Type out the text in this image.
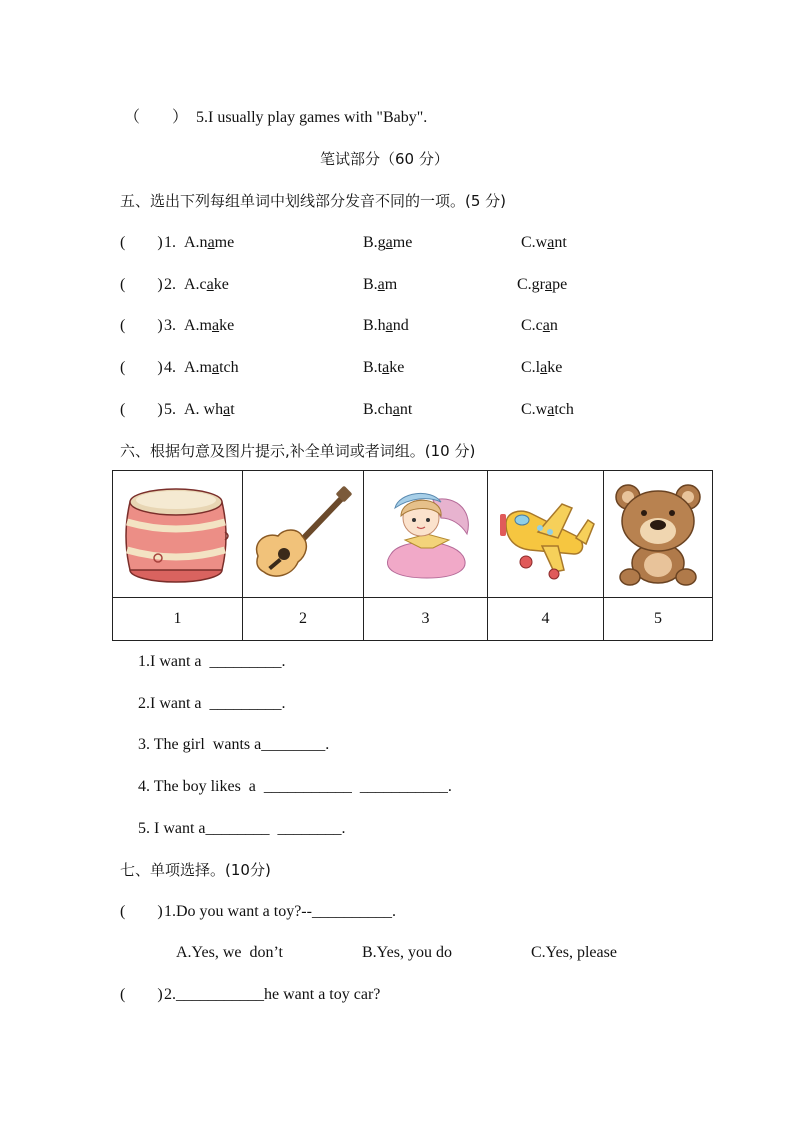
（        ） 5.I usually play games with "Baby".
笔试部分（60 分）
五、选出下列每组单词中划线部分发音不同的一项。(5 分)
(        ) 1. A.name	B.game	C.want
(        ) 2. A.cake	B.am	C.grape
(        ) 3. A.make	B.hand	C.can
(        ) 4. A.match	B.take	C.lake
(        ) 5. A. what	B.chant	C.watch
六、根据句意及图片提示,补全单词或者词组。(10 分)

1	2	3	4	5
1.I want a  _________.
2.I want a  _________.
3. The girl  wants a________.
4. The boy likes  a  ___________  ___________.
5. I want a________  ________.
七、单项选择。(10分)
(        ) 1.Do you want a toy?--__________.
A.Yes, we  don’t	B.Yes, you do	C.Yes, please
(        ) 2.___________he want a toy car?
